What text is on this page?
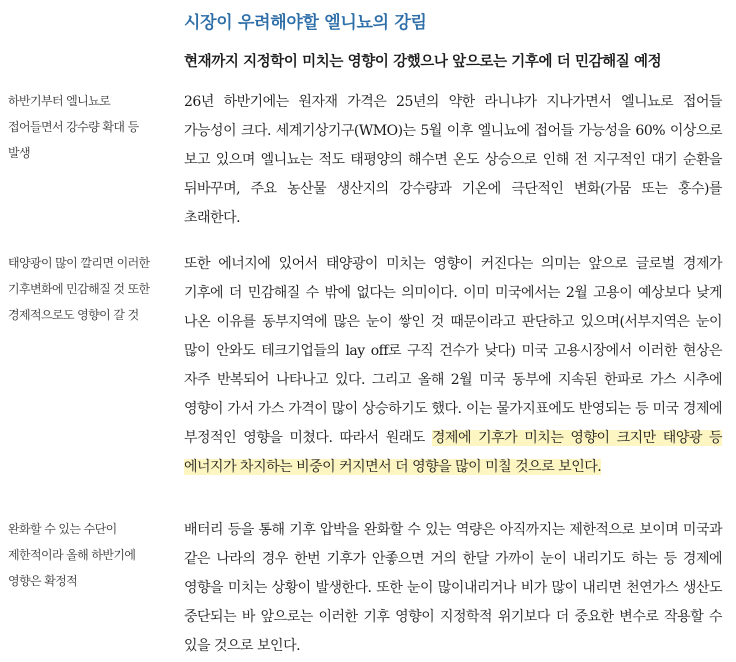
시장이 우려해야할 엘니뇨의 강림
현재까지 지정학이 미치는 영향이 강했으나 앞으로는 기후에 더 민감해질 예정
하반기부터 엘니뇨로 접어들면서 강수량 확대 등 발생
26년 하반기에는 원자재 가격은 25년의 약한 라니냐가 지나가면서 엘니뇨로 접어들 가능성이 크다. 세계기상기구(WMO)는 5월 이후 엘니뇨에 접어들 가능성을 60% 이상으로 보고 있으며 엘니뇨는 적도 태평양의 해수면 온도 상승으로 인해 전 지구적인 대기 순환을 뒤바꾸며, 주요 농산물 생산지의 강수량과 기온에 극단적인 변화(가뭄 또는 홍수)를 초래한다.
태양광이 많이 깔리면 이러한 기후변화에 민감해질 것 또한 경제적으로도 영향이 갈 것
또한 에너지에 있어서 태양광이 미치는 영향이 커진다는 의미는 앞으로 글로벌 경제가 기후에 더 민감해질 수 밖에 없다는 의미이다. 이미 미국에서는 2월 고용이 예상보다 낮게 나온 이유를 동부지역에 많은 눈이 쌓인 것 때문이라고 판단하고 있으며(서부지역은 눈이 많이 안와도 테크기업들의 lay off로 구직 건수가 낮다) 미국 고용시장에서 이러한 현상은 자주 반복되어 나타나고 있다. 그리고 올해 2월 미국 동부에 지속된 한파로 가스 시추에 영향이 가서 가스 가격이 많이 상승하기도 했다. 이는 물가지표에도 반영되는 등 미국 경제에 부정적인 영향을 미쳤다. 따라서 원래도 경제에 기후가 미치는 영향이 크지만 태양광 등 에너지가 차지하는 비중이 커지면서 더 영향을 많이 미칠 것으로 보인다.
완화할 수 있는 수단이 제한적이라 올해 하반기에 영향은 확정적
배터리 등을 통해 기후 압박을 완화할 수 있는 역량은 아직까지는 제한적으로 보이며 미국과 같은 나라의 경우 한번 기후가 안좋으면 거의 한달 가까이 눈이 내리기도 하는 등 경제에 영향을 미치는 상황이 발생한다. 또한 눈이 많이내리거나 비가 많이 내리면 천연가스 생산도 중단되는 바 앞으로는 이러한 기후 영향이 지정학적 위기보다 더 중요한 변수로 작용할 수 있을 것으로 보인다.
